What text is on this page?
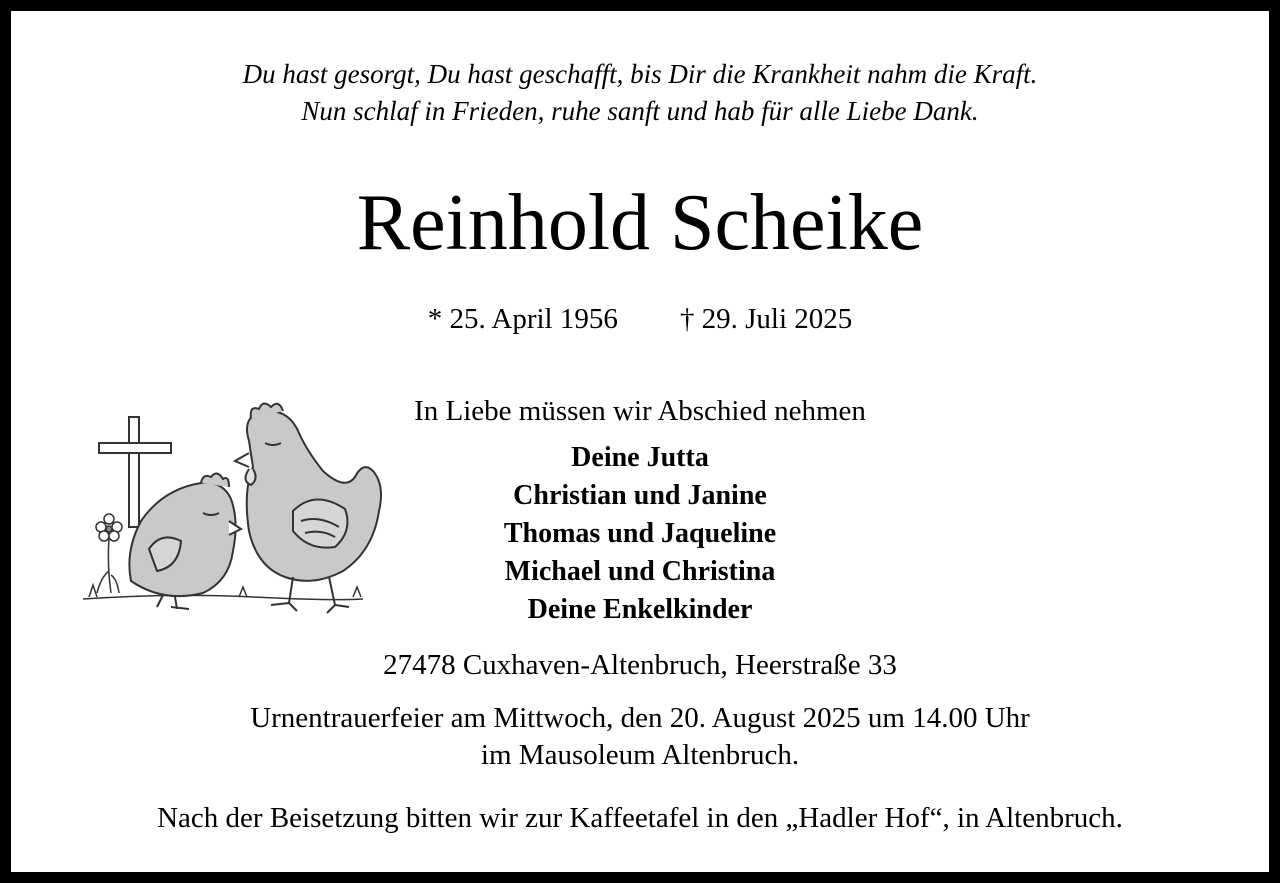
Du hast gesorgt, Du hast geschafft, bis Dir die Krankheit nahm die Kraft.
Nun schlaf in Frieden, ruhe sanft und hab für alle Liebe Dank.
Reinhold Scheike
* 25. April 1956 † 29. Juli 2025
In Liebe müssen wir Abschied nehmen
Deine Jutta
Christian und Janine
Thomas und Jaqueline
Michael und Christina
Deine Enkelkinder
27478 Cuxhaven-Altenbruch, Heerstraße 33
Urnentrauerfeier am Mittwoch, den 20. August 2025 um 14.00 Uhr
im Mausoleum Altenbruch.
Nach der Beisetzung bitten wir zur Kaffeetafel in den „Hadler Hof“, in Altenbruch.
